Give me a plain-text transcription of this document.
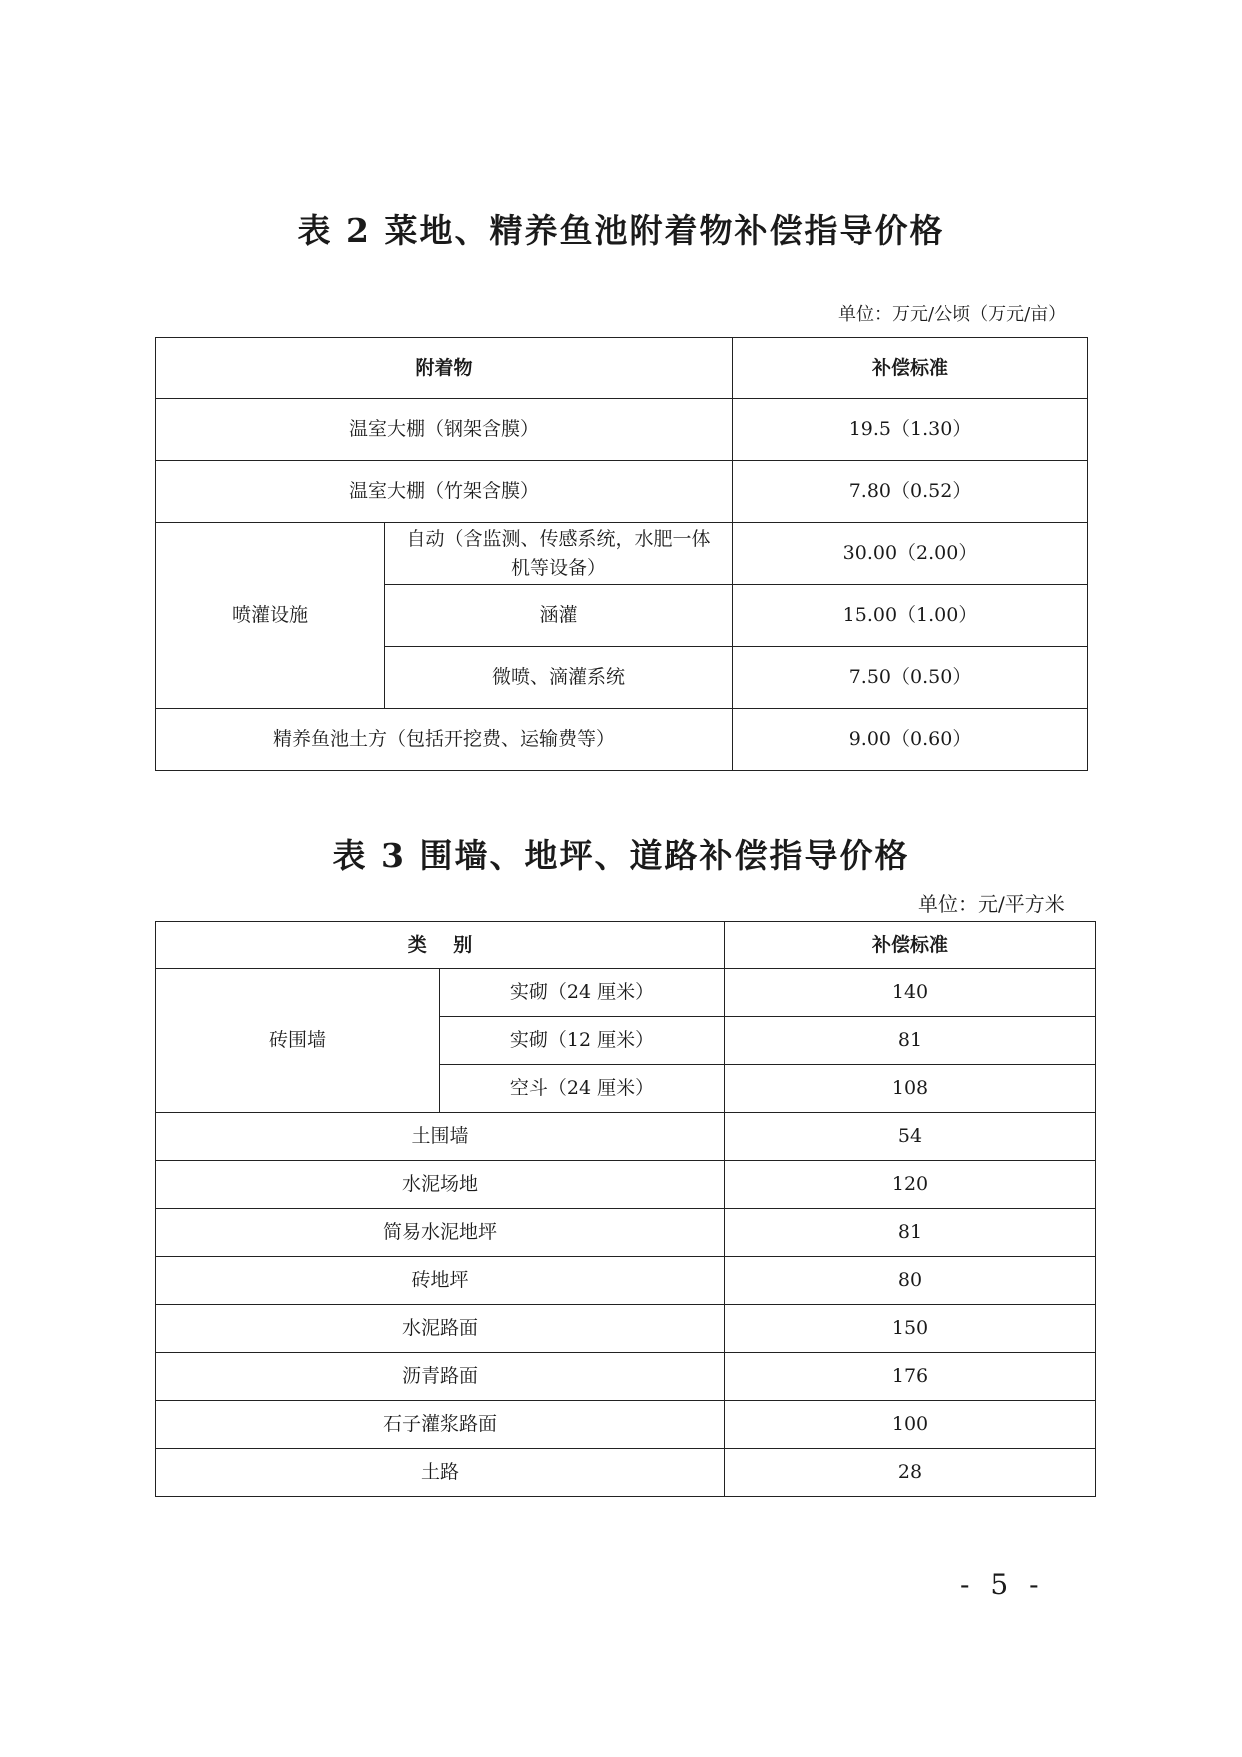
表 2 菜地、精养鱼池附着物补偿指导价格
单位：万元/公顷（万元/亩）
附着物		补偿标准
温室大棚（钢架含膜）		19.5（1.30）
温室大棚（竹架含膜）		7.80（0.52）
喷灌设施	自动（含监测、传感系统，水肥一体机等设备）	30.00（2.00）
	涵灌	15.00（1.00）
	微喷、滴灌系统	7.50（0.50）
精养鱼池土方（包括开挖费、运输费等）		9.00（0.60）
表 3 围墙、地坪、道路补偿指导价格
单位：元/平方米
类    别		补偿标准
砖围墙	实砌（24 厘米）	140
	实砌（12 厘米）	81
	空斗（24 厘米）	108
土围墙		54
水泥场地		120
简易水泥地坪		81
砖地坪		80
水泥路面		150
沥青路面		176
石子灌浆路面		100
土路		28
- 5 -
